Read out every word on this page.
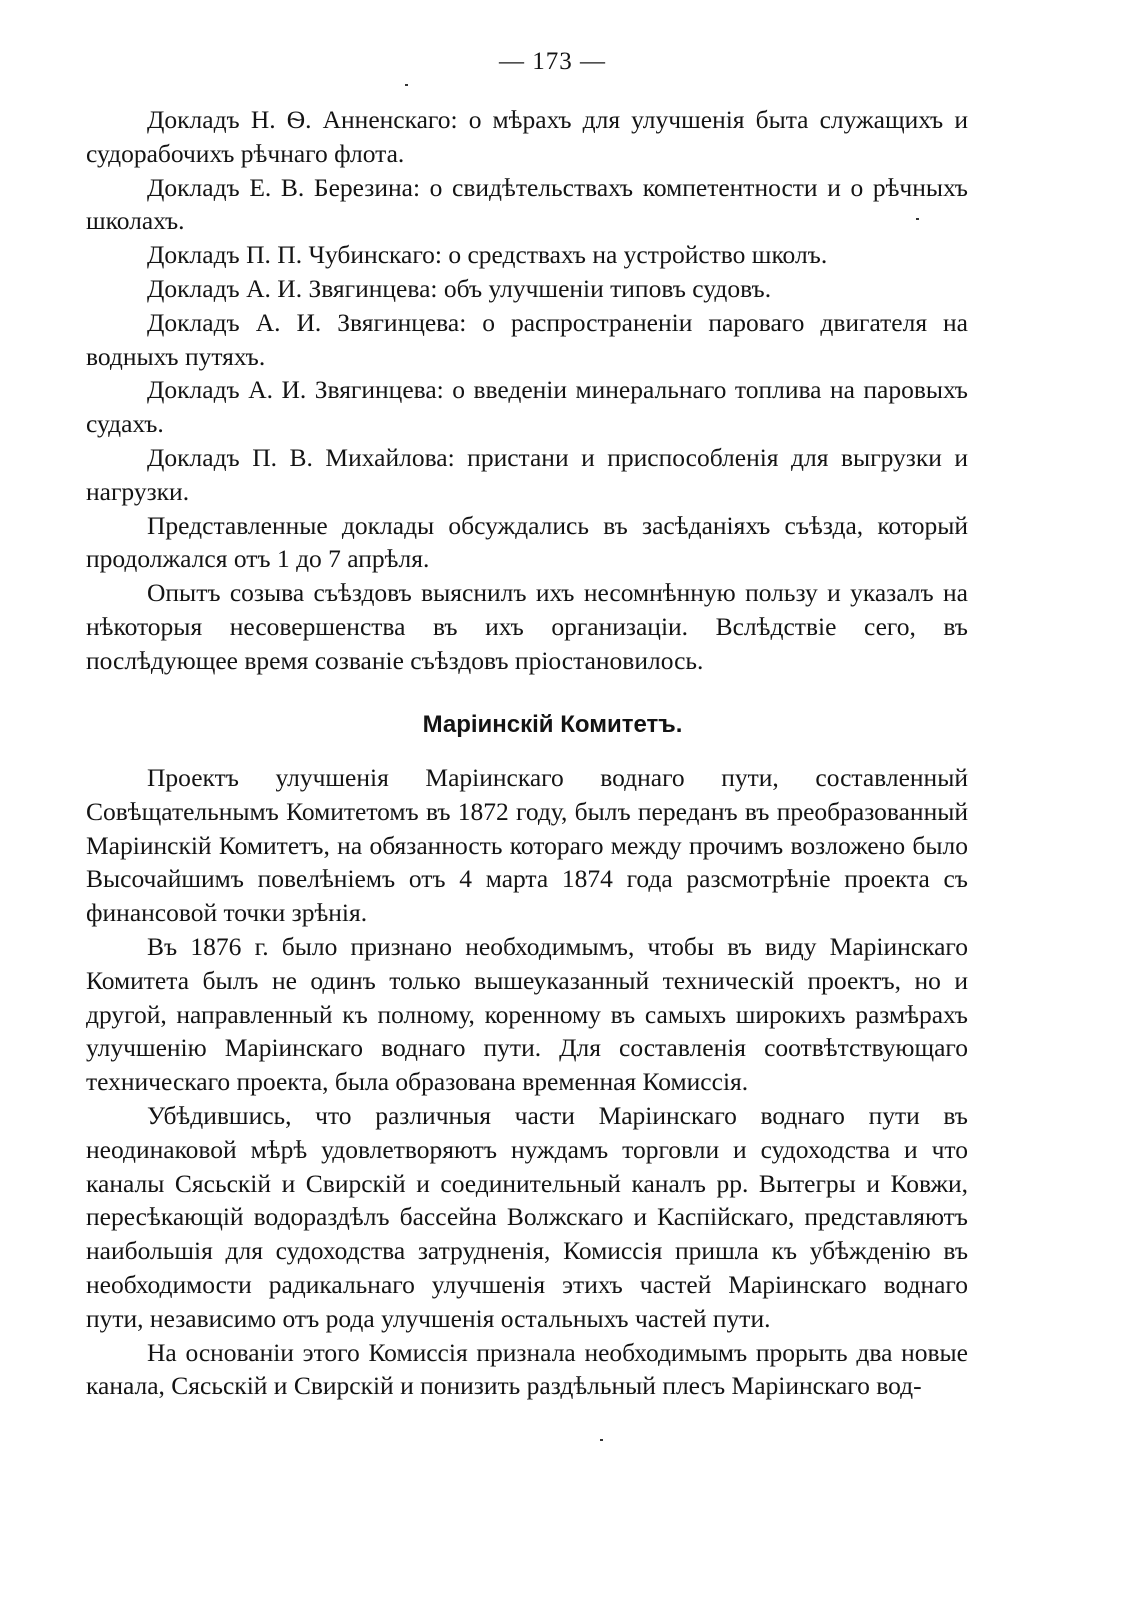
— 173 —

Докладъ Н. Ѳ. Анненскаго: о мѣрахъ для улучшенія быта служащихъ и судорабочихъ рѣчнаго флота.

Докладъ Е. В. Березина: о свидѣтельствахъ компетентности и о рѣчныхъ школахъ.

Докладъ П. П. Чубинскаго: о средствахъ на устройство школъ.

Докладъ А. И. Звягинцева: объ улучшеніи типовъ судовъ.

Докладъ А. И. Звягинцева: о распространеніи пароваго двигателя на водныхъ путяхъ.

Докладъ А. И. Звягинцева: о введеніи минеральнаго топлива на паровыхъ судахъ.

Докладъ П. В. Михайлова: пристани и приспособленія для выгрузки и нагрузки.

Представленные доклады обсуждались въ засѣданіяхъ съѣзда, который продолжался отъ 1 до 7 апрѣля.

Опытъ созыва съѣздовъ выяснилъ ихъ несомнѣнную пользу и указалъ на нѣкоторыя несовершенства въ ихъ организаціи. Вслѣдствіе сего, въ послѣдующее время созваніе съѣздовъ пріостановилось.

Маріинскій Комитетъ.

Проектъ улучшенія Маріинскаго воднаго пути, составленный Совѣщательнымъ Комитетомъ въ 1872 году, былъ переданъ въ преобразованный Маріинскій Комитетъ, на обязанность котораго между прочимъ возложено было Высочайшимъ повелѣніемъ отъ 4 марта 1874 года разсмотрѣніе проекта съ финансовой точки зрѣнія.

Въ 1876 г. было признано необходимымъ, чтобы въ виду Маріинскаго Комитета былъ не одинъ только вышеуказанный техническій проектъ, но и другой, направленный къ полному, коренному въ самыхъ широкихъ размѣрахъ улучшенію Маріинскаго воднаго пути. Для составленія соотвѣтствующаго техническаго проекта, была образована временная Комиссія.

Убѣдившись, что различныя части Маріинскаго воднаго пути въ неодинаковой мѣрѣ удовлетворяютъ нуждамъ торговли и судоходства и что каналы Сясьскій и Свирскій и соединительный каналъ рр. Вытегры и Ковжи, пересѣкающій водораздѣлъ бассейна Волжскаго и Каспійскаго, представляютъ наибольшія для судоходства затрудненія, Комиссія пришла къ убѣжденію въ необходимости радикальнаго улучшенія этихъ частей Маріинскаго воднаго пути, независимо отъ рода улучшенія остальныхъ частей пути.

На основаніи этого Комиссія признала необходимымъ прорыть два новые канала, Сясьскій и Свирскій и понизить раздѣльный плесъ Маріинскаго вод-
